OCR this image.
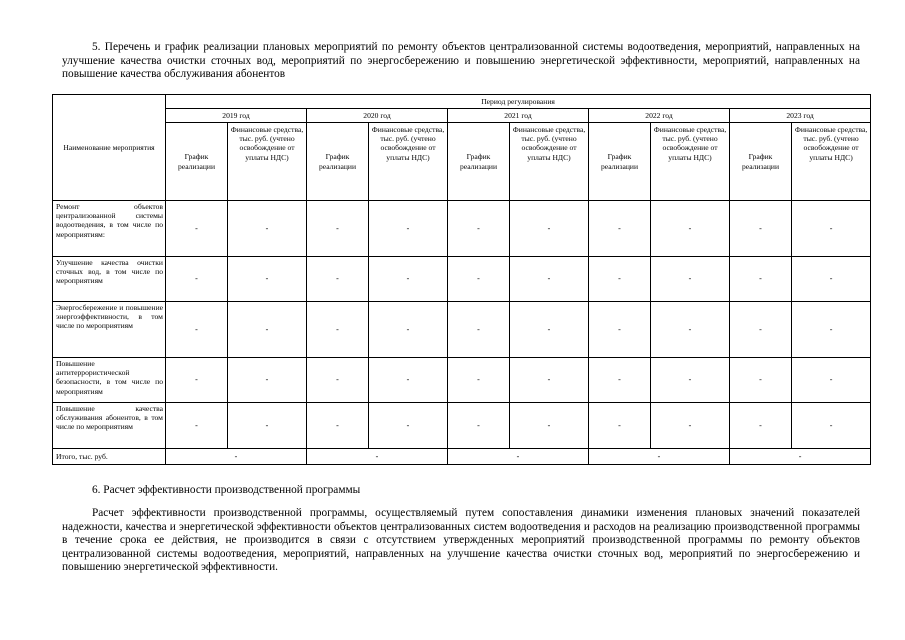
5. Перечень и график реализации плановых мероприятий по ремонту объектов централизованной системы водоотведения, мероприятий, направленных на улучшение качества очистки сточных вод, мероприятий по энергосбережению и повышению энергетической эффективности, мероприятий, направленных на повышение качества обслуживания абонентов

Наименование мероприятия	Период регулирования									
	2019 год		2020 год		2021 год		2022 год		2023 год	
	График реализации	Финансовые средства, тыс. руб. (учтено освобождение от уплаты НДС)	График реализации	Финансовые средства, тыс. руб. (учтено освобождение от уплаты НДС)	График реализации	Финансовые средства, тыс. руб. (учтено освобождение от уплаты НДС)	График реализации	Финансовые средства, тыс. руб. (учтено освобождение от уплаты НДС)	График реализации	Финансовые средства, тыс. руб. (учтено освобождение от уплаты НДС)
Ремонт объектов централизованной системы водоотведения, в том числе по мероприятиям:	-	-	-	-	-	-	-	-	-	-
Улучшение качества очистки сточных вод, в том числе по мероприятиям	-	-	-	-	-	-	-	-	-	-
Энергосбережение и повышение энергоэффективности, в том числе по мероприятиям	-	-	-	-	-	-	-	-	-	-
Повышение антитеррористической безопасности, в том числе по мероприятиям	-	-	-	-	-	-	-	-	-	-
Повышение качества обслуживания абонентов, в том числе по мероприятиям	-	-	-	-	-	-	-	-	-	-
Итого, тыс. руб.	-		-		-		-		-	

6. Расчет эффективности производственной программы

Расчет эффективности производственной программы, осуществляемый путем сопоставления динамики изменения плановых значений показателей надежности, качества и энергетической эффективности объектов централизованных систем водоотведения и расходов на реализацию производственной программы в течение срока ее действия, не производится в связи с отсутствием утвержденных мероприятий производственной программы по ремонту объектов централизованной системы водоотведения, мероприятий, направленных на улучшение качества очистки сточных вод, мероприятий по энергосбережению и повышению энергетической эффективности.
